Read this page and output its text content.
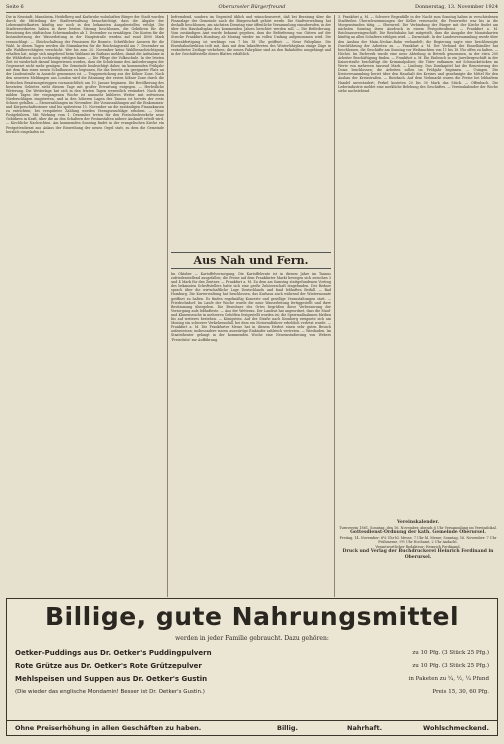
Seite 6	Oberurseler Bürgerfreund	Donnerstag, 13. November 1924
Die in Neustadt, Mannheim, Heidelberg und Karlsruhe wohnhaften Bürger der Stadt wurden durch die Mitteilung der Stadtverwaltung benachrichtigt, dass die Abgabe der Lebensmittelkarten künftig nur noch in den bekannten Ausgabestellen erfolgt. Die Stadtverordneten haben in ihrer letzten Sitzung beschlossen, die Gebühren für die Benutzung des städtischen Schwimmbades ab 1. Dezember zu ermäßigen. Die Kosten für die Instandsetzung der Wasserleitung in der Hauptstraße werden auf rund 4000 Mark veranschlagt. — Gleichschaltung der Pensionen für Beamte. Schriftlicher Ausweis für die Wahl. In diesen Tagen werden die Stimmkarten für die Reichstagswahl am 7. Dezember an alle Wahlberechtigten verschickt. Wer bis zum 20. November keine Wahlbenachrichtigung erhalten hat, möge sich umgehend beim Wahlamt im Rathaus melden, damit die Aufnahme in die Wählerliste noch rechtzeitig erfolgen kann. — Die Pflege der Volksschule. In der letzten Zeit ist wiederholt darauf hingewiesen worden, dass die Schulräume den Anforderungen der Gegenwart nicht mehr genügen. Die Gemeinde beabsichtigt daher, im kommenden Frühjahr mit dem Bau eines neuen Schulhauses zu beginnen, für das bereits ein geeigneter Platz an der Lindenstraße in Aussicht genommen ist. — Truppenrückzug aus der Kölner Zone. Nach den neuesten Meldungen aus London wird die Räumung der ersten Kölner Zone durch die britischen Besatzungstruppen voraussichtlich am 10. Januar beginnen. Die Bevölkerung des besetzten Gebietes sieht diesem Tage mit großer Erwartung entgegen. — Herbstliche Witterung. Die Wetterlage hat sich in den letzten Tagen wesentlich verändert. Nach den milden Tagen der vergangenen Woche ist nunmehr kühleres Wetter mit zeitweisen Niederschlägen eingetreten, und in den höheren Lagen des Taunus ist bereits der erste Schnee gefallen. — Steuerzahlungen im November. Die Vorauszahlungen auf die Einkommen- und Körperschaftssteuer sind bis spätestens 15. November an die zuständigen Finanzkassen zu entrichten; bei verspäteter Zahlung werden Verzugszuschläge erhoben. — Neue Postgebühren. Mit Wirkung vom 1. Dezember treten für den Postscheckverkehr neue Gebühren in Kraft, über die an den Schaltern der Postanstalten nähere Auskunft erteilt wird. — Kirchliche Nachrichten. Am kommenden Sonntag findet in der evangelischen Kirche ein Festgottesdienst aus Anlass der Einweihung der neuen Orgel statt, zu dem die Gemeinde herzlich eingeladen ist.
befremdend, sondern im Gegenteil üblich und wünschenswert, daß bei Beratung über die Finanzlage der Gemeinde auch die Bürgerschaft gehört werde. Die Stadtverwaltung hat deshalb beschlossen, am nächsten Dienstag eine öffentliche Versammlung einzuberufen, in der über den Haushaltsplan des kommenden Jahres berichtet werden soll. — Die Beförderung. Vom zuständigen Amt wurde bekannt gegeben, dass die Beförderung von Gütern auf der Strecke Frankfurt–Homburg ab Montag wieder im vollen Umfang aufgenommen wird. Die Güterabfertigung ist werktags von 7 bis 18 Uhr geöffnet. — Neue Fahrpläne. Die Eisenbahndirektion teilt mit, dass mit dem Inkrafttreten des Winterfahrplans einige Züge in veränderter Zeitlage verkehren; die neuen Fahrpläne sind an den Bahnhöfen ausgehängt und in der Geschäftsstelle dieses Blattes erhältlich.
Aus Nah und Fern.
Im Oktober — Kartoffelversorgung. Die Kartoffelernte ist in diesem Jahre im Taunus zufriedenstellend ausgefallen; die Preise auf dem Frankfurter Markt bewegen sich zwischen 3 und 4 Mark für den Zentner. — Frankfurt a. M. Zu dem am Samstag stattgefundenen Vortrag des bekannten Schriftstellers hatte sich eine große Zuhörerschaft eingefunden. Der Redner sprach über die wirtschaftliche Lage Deutschlands und fand lebhaften Beifall. — Bad Homburg. Die Kurverwaltung hat beschlossen, das Kurhaus auch während der Wintermonate geöffnet zu halten. Es finden regelmäßig Konzerte und gesellige Veranstaltungen statt. — Friedrichsdorf. Im Laufe der Woche wurde die neue Wasserleitung fertiggestellt und ihrer Bestimmung übergeben. Die Bewohner des Ortes begrüßen diese Verbesserung der Versorgung aufs lebhafteste. — Aus der Wetterau. Der Landrat hat angeordnet, dass die Maul- und Klauenseuche in mehreren Gehöften festgestellt worden ist; die Sperrmaßnahmen bleiben bis auf weiteres bestehen. — Königstein. Auf der Straße nach Kronberg ereignete sich am Montag ein schwerer Verkehrsunfall, bei dem ein Motorradfahrer erheblich verletzt wurde. — Frankfurt a. M. Die Frankfurter Messe hat in diesem Herbst einen sehr guten Besuch aufzuweisen; insbesondere waren auswärtige Einkäufer zahlreich vertreten. — Wiesbaden. Im Staatstheater gelangt in der kommenden Woche eine Neueinstudierung von Webers 'Freischütz' zur Aufführung.
3. Frankfurt a. M. — Schwere Regenfälle in der Nacht zum Sonntag haben in verschiedenen Stadtteilen Überschwemmungen der Keller verursacht; die Feuerwehr war bis in die Morgenstunden tätig. — Oberursel. Die Verbindung der Bürger mit der Kirche findet am nächsten Sonntag ihren Ausdruck in einem Festgottesdienst. — Frankfurt a. M. Reichsausweisgeschäft. Die Reichsbahn hat mitgeteilt, dass die Ausgabe der Monatskarten künftig an allen Schaltern erfolgen wird. — Darmstadt. In der Landesversammlung wurde über den Ausbau der Main–Neckar–Bahn verhandelt; die Regierung sagte eine beschleunigte Durchführung der Arbeiten zu. — Frankfurt a. M. Der Verband der Einzelhändler hat beschlossen, die Geschäfte am Sonntag vor Weihnachten von 11 bis 18 Uhr offen zu halten. — Höchst. Im Farbwerk wurde eine neue Abteilung in Betrieb genommen, in der etwa 200 Arbeiter Beschäftigung finden. — Frankfurt a. M. Ein Einbruch in ein Juweliergeschäft in der Kaiserstraße beschäftigt die Kriminalpolizei; die Täter entkamen mit Schmuckstücken im Werte von mehreren tausend Mark. — Limburg. Das Domkapitel hat die Renovierung des Doms beschlossen; die Arbeiten sollen im Frühjahr beginnen. — Usingen. Die Kreisversammlung beriet über den Haushalt des Kreises und genehmigte die Mittel für den Ausbau der Kreisstraßen. — Butzbach. Auf dem Viehmarkt waren die Preise bei lebhaftem Handel unverändert; Ferkel kosteten 20 bis 30 Mark das Stück. — Offenbach. Die Lederindustrie meldet eine merkliche Belebung des Geschäftes. — Vereinskalender der Woche siehe nachstehend.
Vereinskalender.
Turnverein 1861. Sonntag, den 16. November, abends 8 Uhr Versammlung im Vereinslokal.
Gottesdienst-Ordnung der kath. Gemeinde Oberursel.
Freitag, 14. November: 6¼ Uhr hl. Messe, 7 Uhr hl. Messe; Sonntag, 16. November: 7 Uhr Frühmesse, 9½ Uhr Hochamt, 2 Uhr Andacht.
Verantwortlicher Redakteur: Heinrich Ferdinand.
Druck und Verlag der Buchdruckerei Heinrich Ferdinand in Oberursel.
Billige, gute Nahrungsmittel
werden in jeder Familie gebraucht. Dazu gehören:
Oetker-Puddings aus Dr. Oetker's Puddingpulvern	zu 10 Pfg. (3 Stück 25 Pfg.)
Rote Grütze aus Dr. Oetker's Rote Grützepulver	zu 10 Pfg. (3 Stück 25 Pfg.)
Mehlspeisen und Suppen aus Dr. Oetker's Gustin	in Paketen zu ¼, ½, ¼ Pfund
(Die wieder das englische Mondamin! Besser ist Dr. Oetker's Gustin.)	Preis 15, 30, 60 Pfg.
Ohne Preiserhöhung in allen Geschäften zu haben.	Billig.	Nahrhaft.	Wohlschmeckend.
